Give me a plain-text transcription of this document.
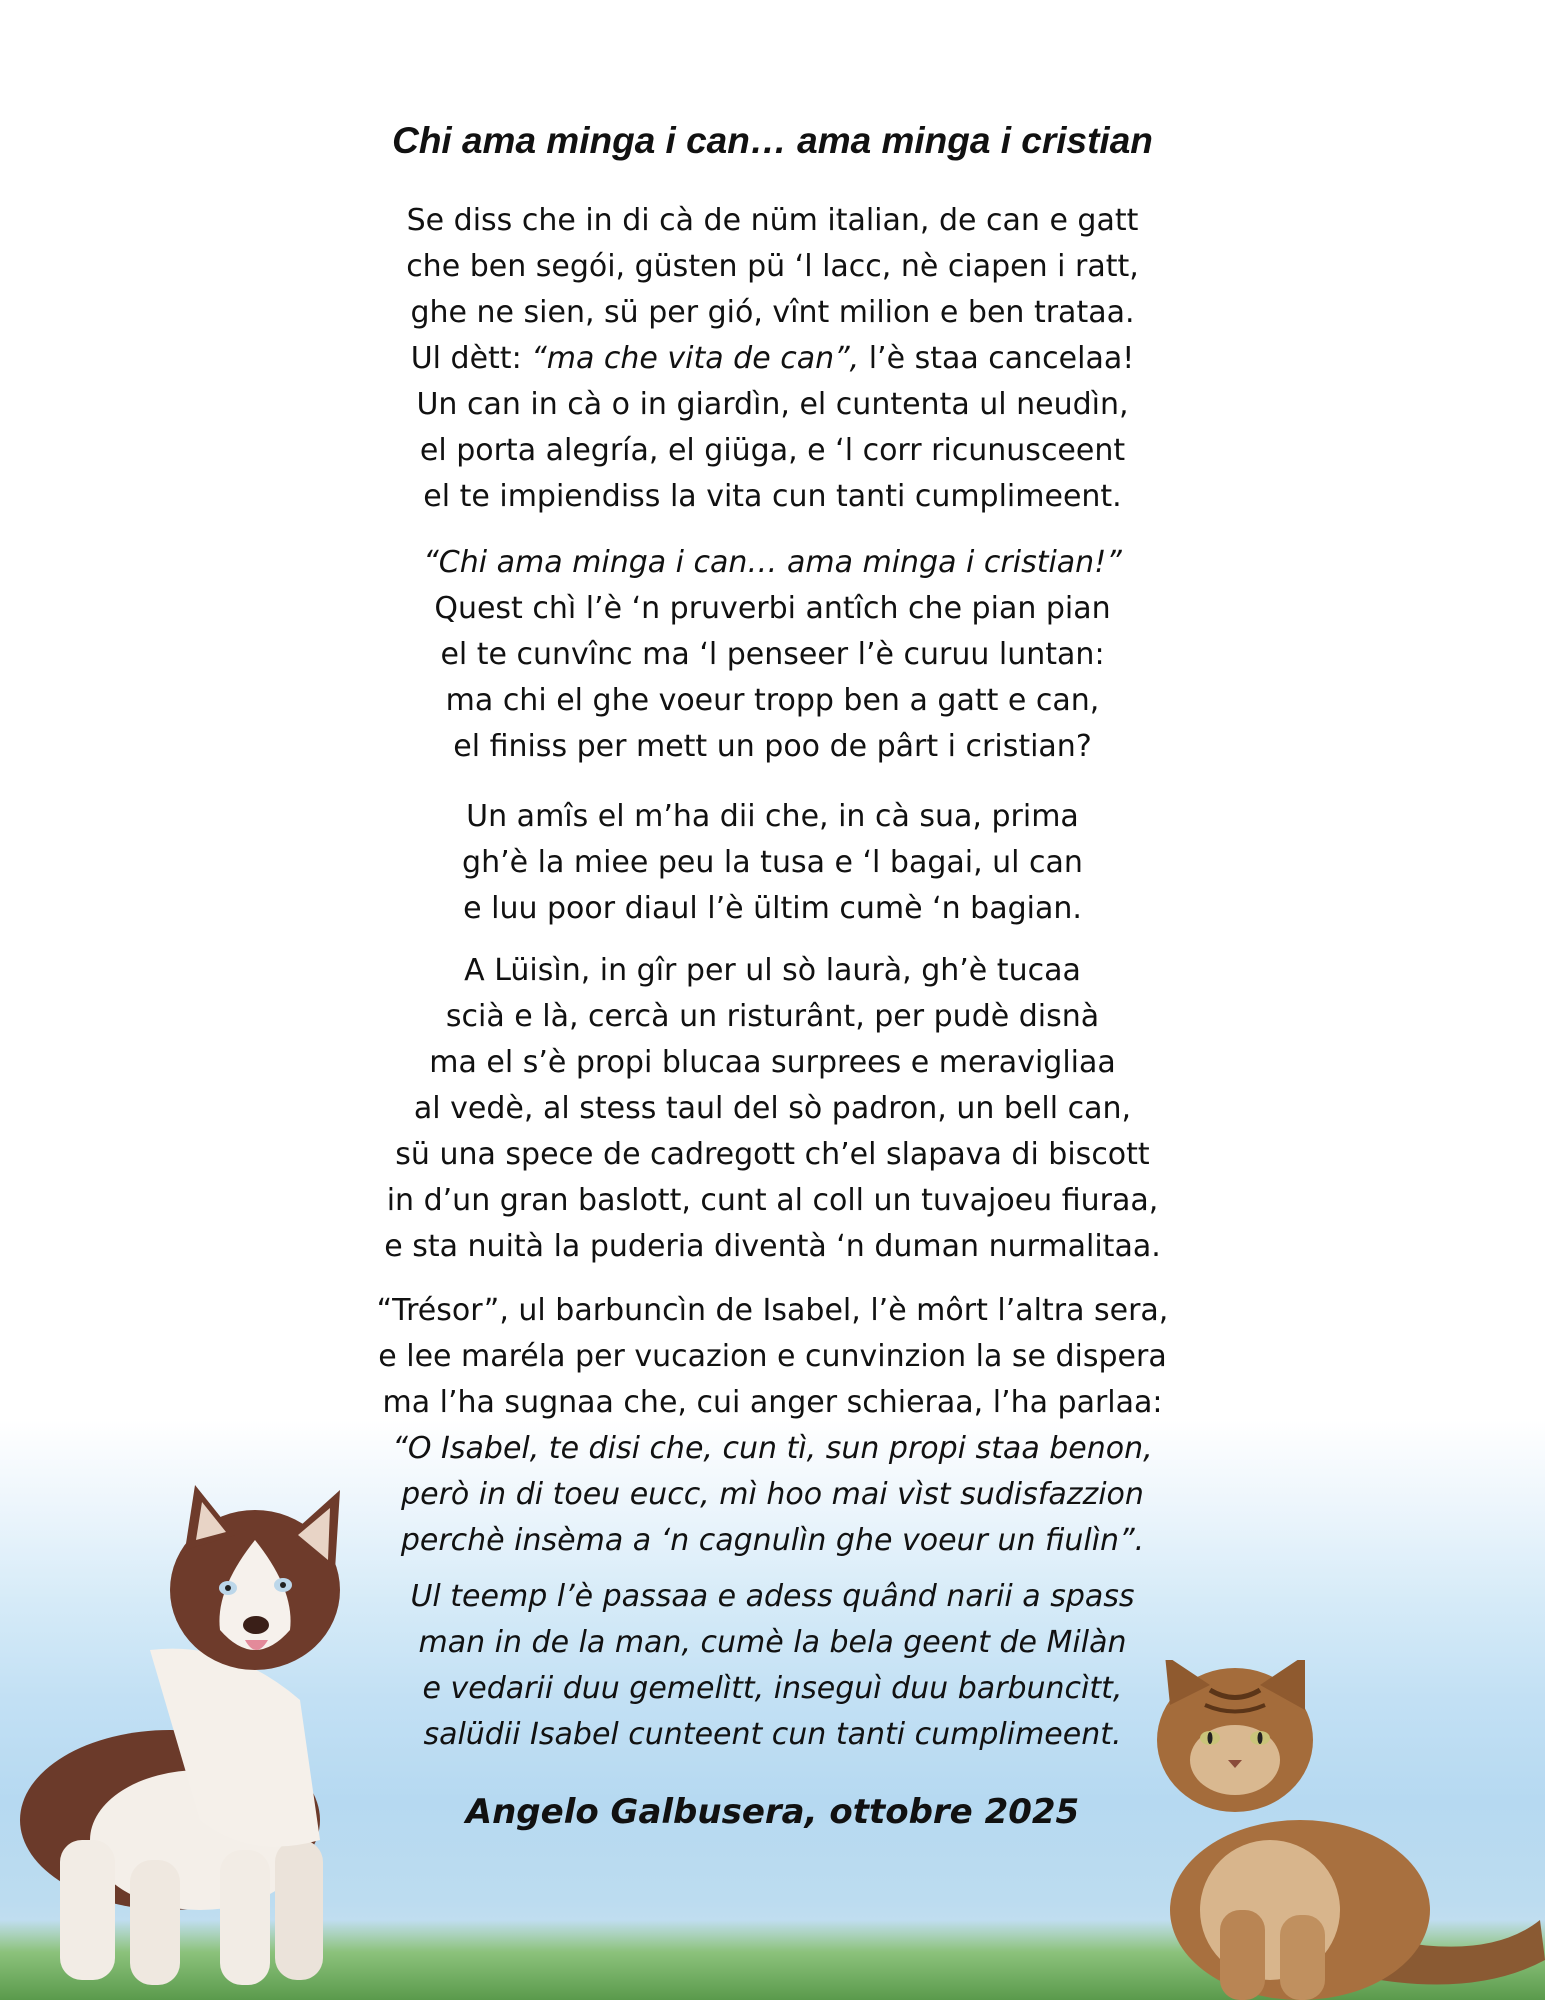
Chi ama minga i can… ama minga i cristian
Se diss che in di cà de nüm italian, de can e gatt
che ben segói, güsten pü ‘l lacc, nè ciapen i ratt,
ghe ne sien, sü per gió, vînt milion e ben trataa.
Ul dètt: “ma che vita de can”, l’è staa cancelaa!
Un can in cà o in giardìn, el cuntenta ul neudìn,
el porta alegría, el giüga, e ‘l corr ricunusceent
el te impiendiss la vita cun tanti cumplimeent.
“Chi ama minga i can… ama minga i cristian!”
Quest chì l’è ‘n pruverbi antîch che pian pian
el te cunvînc ma ‘l penseer l’è curuu luntan:
ma chi el ghe voeur tropp ben a gatt e can,
el finiss per mett un poo de pârt i cristian?
Un amîs el m’ha dii che, in cà sua, prima
gh’è la miee peu la tusa e ‘l bagai, ul can
e luu poor diaul l’è ültim cumè ‘n bagian.
A Lüisìn, in gîr per ul sò laurà, gh’è tucaa
scià e là, cercà un risturânt, per pudè disnà
ma el s’è propi blucaa surprees e meravigliaa
al vedè, al stess taul del sò padron, un bell can,
sü una spece de cadregott ch’el slapava di biscott
in d’un gran baslott, cunt al coll un tuvajoeu fiuraa,
e sta nuità la puderia diventà ‘n duman nurmalitaa.
“Trésor”, ul barbuncìn de Isabel, l’è môrt l’altra sera,
e lee maréla per vucazion e cunvinzion la se dispera
ma l’ha sugnaa che, cui anger schieraa, l’ha parlaa:
“O Isabel, te disi che, cun tì, sun propi staa benon,
però in di toeu eucc, mì hoo mai vìst sudisfazzion
perchè insèma a ‘n cagnulìn ghe voeur un fiulìn”.
Ul teemp l’è passaa e adess quând narii a spass
man in de la man, cumè la bela geent de Milàn
e vedarii duu gemelìtt, inseguì duu barbuncìtt,
salüdii Isabel cunteent cun tanti cumplimeent.
Angelo Galbusera, ottobre 2025
